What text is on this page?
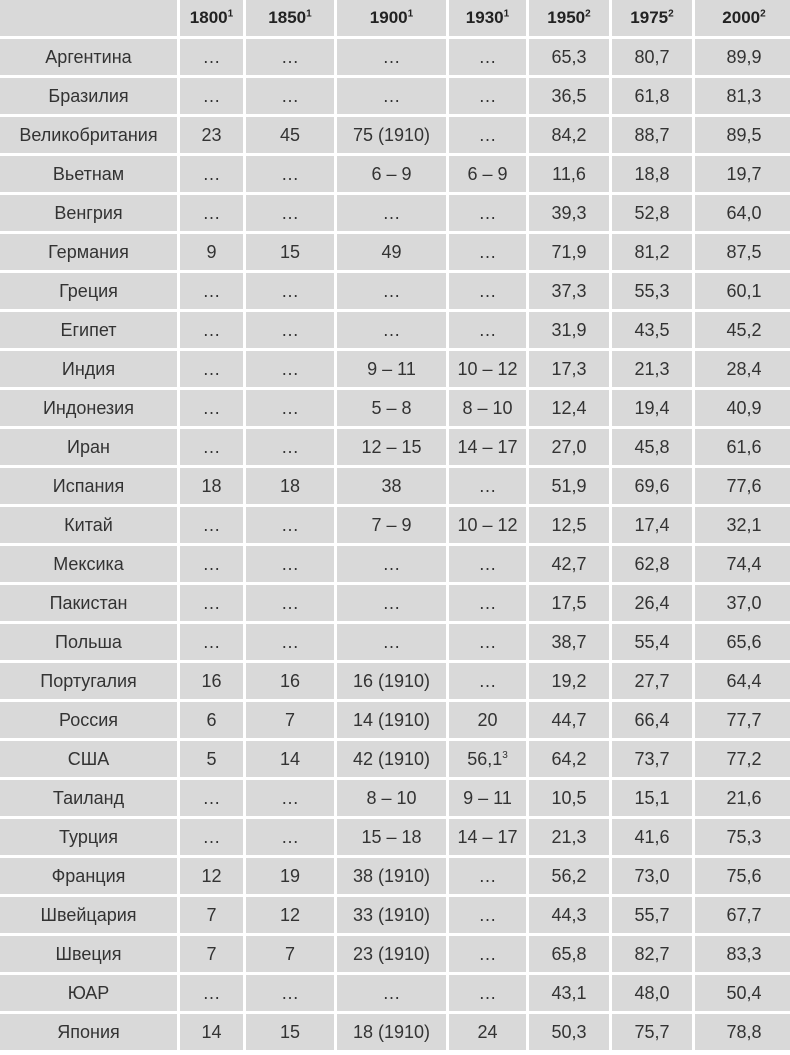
	1800$^1$	1850$^1$	1900$^1$	1930$^1$	1950$^2$	1975$^2$	2000$^2$
Аргентина	…	…	…	…	65,3	80,7	89,9
Бразилия	…	…	…	…	36,5	61,8	81,3
Великобритания	23	45	75 (1910)	…	84,2	88,7	89,5
Вьетнам	…	…	6 – 9	6 – 9	11,6	18,8	19,7
Венгрия	…	…	…	…	39,3	52,8	64,0
Германия	9	15	49	…	71,9	81,2	87,5
Греция	…	…	…	…	37,3	55,3	60,1
Египет	…	…	…	…	31,9	43,5	45,2
Индия	…	…	9 – 11	10 – 12	17,3	21,3	28,4
Индонезия	…	…	5 – 8	8 – 10	12,4	19,4	40,9
Иран	…	…	12 – 15	14 – 17	27,0	45,8	61,6
Испания	18	18	38	…	51,9	69,6	77,6
Китай	…	…	7 – 9	10 – 12	12,5	17,4	32,1
Мексика	…	…	…	…	42,7	62,8	74,4
Пакистан	…	…	…	…	17,5	26,4	37,0
Польша	…	…	…	…	38,7	55,4	65,6
Португалия	16	16	16 (1910)	…	19,2	27,7	64,4
Россия	6	7	14 (1910)	20	44,7	66,4	77,7
США	5	14	42 (1910)	56,1$^3$	64,2	73,7	77,2
Таиланд	…	…	8 – 10	9 – 11	10,5	15,1	21,6
Турция	…	…	15 – 18	14 – 17	21,3	41,6	75,3
Франция	12	19	38 (1910)	…	56,2	73,0	75,6
Швейцария	7	12	33 (1910)	…	44,3	55,7	67,7
Швеция	7	7	23 (1910)	…	65,8	82,7	83,3
ЮАР	…	…	…	…	43,1	48,0	50,4
Япония	14	15	18 (1910)	24	50,3	75,7	78,8
